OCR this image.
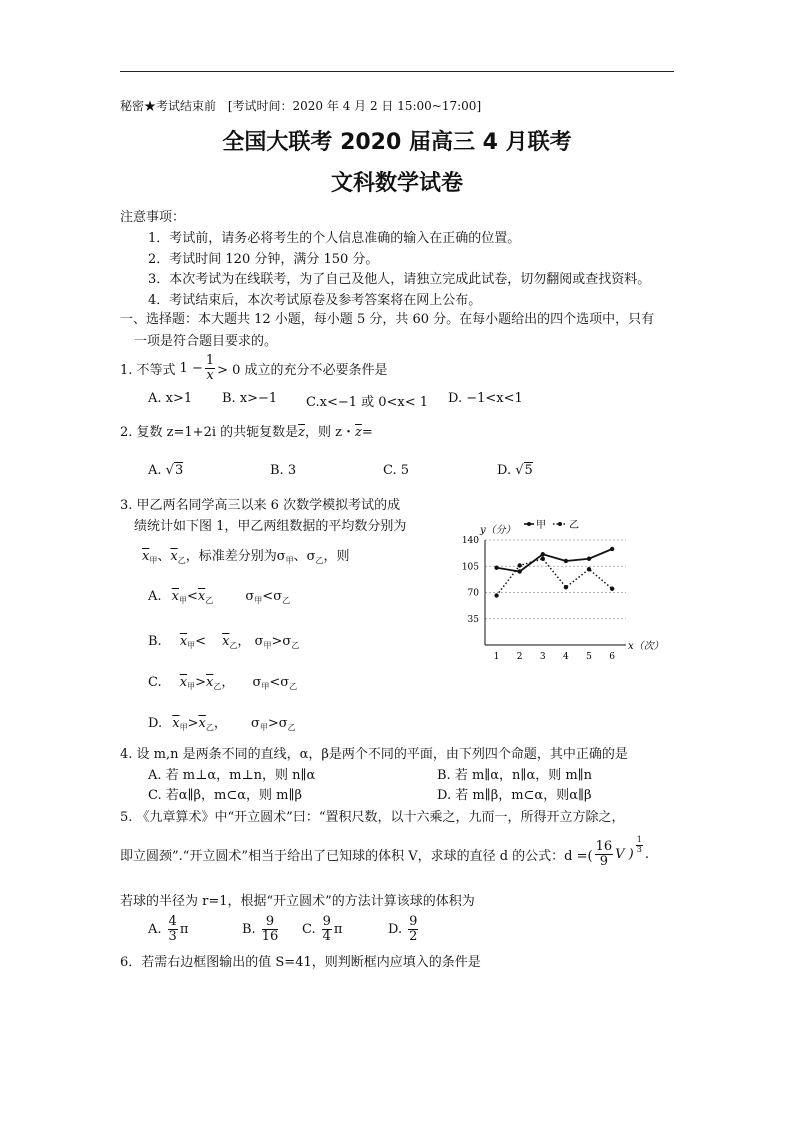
秘密★考试结束前 [考试时间：2020 年 4 月 2 日 15:00~17:00]
全国大联考 2020 届高三 4 月联考
文科数学试卷
注意事项：
1．考试前，请务必将考生的个人信息准确的输入在正确的位置。
2．考试时间 120 分钟，满分 150 分。
3．本次考试为在线联考，为了自己及他人，请独立完成此试卷，切勿翻阅或查找资料。
4．考试结束后，本次考试原卷及参考答案将在网上公布。
一、选择题：本大题共 12 小题，每小题 5 分，共 60 分。在每小题给出的四个选项中，只有
一项是符合题目要求的。
1. 不等式 $1 - \frac{1}{x} > 0$ 成立的充分不必要条件是
A. x>1 B. x>−1 C.x<−1 或 0<x< 1 D. −1<x<1
2. 复数 z=1+2i 的共轭复数是$\overline{z}$，则 z・$\overline{z}=$
A. √3	B. 3	C. 5	D. √5
3. 甲乙两名同学高三以来 6 次数学模拟考试的成
绩统计如下图 1，甲乙两组数据的平均数分别为
$\overline{x}_甲$、$\overline{x}_乙$，标准差分别为$\sigma_甲$、$\sigma_乙$，则
A. $\overline{x}_甲<\overline{x}_乙$ $\sigma_甲<\sigma_乙$
B. $\overline{x}_甲< \overline{x}_乙$， $\sigma_甲>\sigma_乙$
C. $\overline{x}_甲>\overline{x}_乙$， $\sigma_甲<\sigma_乙$
D. $\overline{x}_甲>\overline{x}_乙$， $\sigma_甲>\sigma_乙$
y（分）
x（次）
甲 乙
35
70
105
140
1 2 3 4 5 6
4. 设 m,n 是两条不同的直线，α，β是两个不同的平面，由下列四个命题，其中正确的是
A. 若 m⊥α，m⊥n，则 n∥α	B. 若 m∥α，n∥α，则 m∥n
C. 若α∥β，m⊂α，则 m∥β	D. 若 m∥β，m⊂α，则α∥β
5. 《九章算术》中“开立圆术”曰：“置积尺数，以十六乘之，九而一，所得开立方除之，
即立圆颈”.“开立圆术”相当于给出了已知球的体积 V，求球的直径 d 的公式：d =( $\frac{16}{9}$ V )
$\frac{1}{3}$
.
若球的半径为 r=1，根据“开立圆术”的方法计算该球的体积为
A. $\frac{4}{3}$ π	B. $\frac{9}{16} C$. $\frac{9}{4}$ π	D. $\frac{9}{2}$
6．若需右边框图输出的值 S=41，则判断框内应填入的条件是
